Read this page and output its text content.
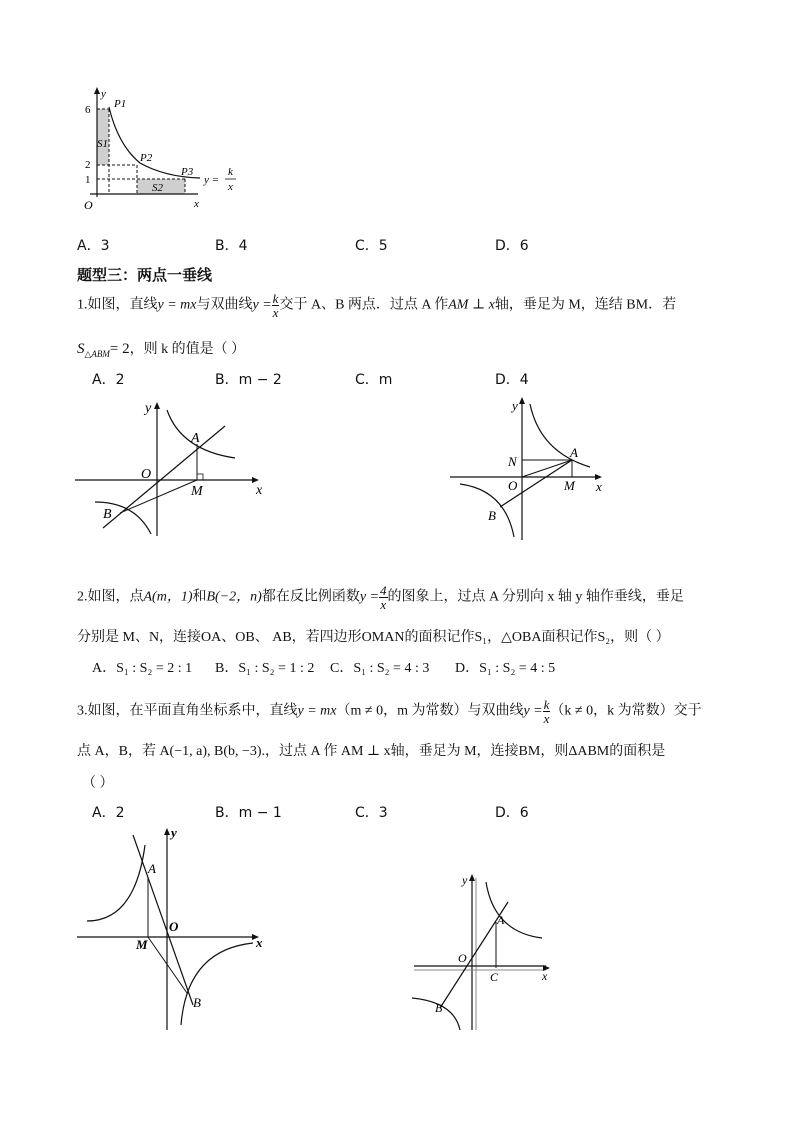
y
x
O
6
2
1
P1
P2
P3
S1
S2
y =
k
x
A．3	B．4	C．5	D．6
题型三：两点一垂线
1.如图，直线y = mx与双曲线$y = \frac{k}{x}$ 交于 A、B 两点．过点 A 作AM ⊥ x轴，垂足为 M，连结 BM．若
$S_{\triangle ABM}= 2$，则 k 的值是（ ）
A．2	B．m − 2	C．m	D．4
y
x
O
A
B
M
y
x
O
A
B
M
N
2.如图，点A(m，1)和B(−2，n)都在反比例函数$y = \frac{4}{x}$ 的图象上，过点 A 分别向 x 轴 y 轴作垂线，垂足
分别是 M、N，连接OA、OB、 AB，若四边形OMAN的面积记作S₁，△OBA面积记作S₂，则（ ）
A．S₁ : S₂ = 2 : 1 B．S₁ : S₂ = 1 : 2 C．S₁ : S₂ = 4 : 3 D．S₁ : S₂ = 4 : 5
3.如图，在平面直角坐标系中，直线y = mx（m ≠ 0，m 为常数）与双曲线$y = \frac{k}{x} (k \ne 0$，k 为常数）交于
点 A，B，若 A(−1, a), B(b, −3).，过点 A 作 AM ⊥ x轴，垂足为 M，连接BM，则ΔABM的面积是
（ ）
A．2	B．m − 1	C．3	D．6
y
x
O
A
B
M
y
x
O
A
B
C
